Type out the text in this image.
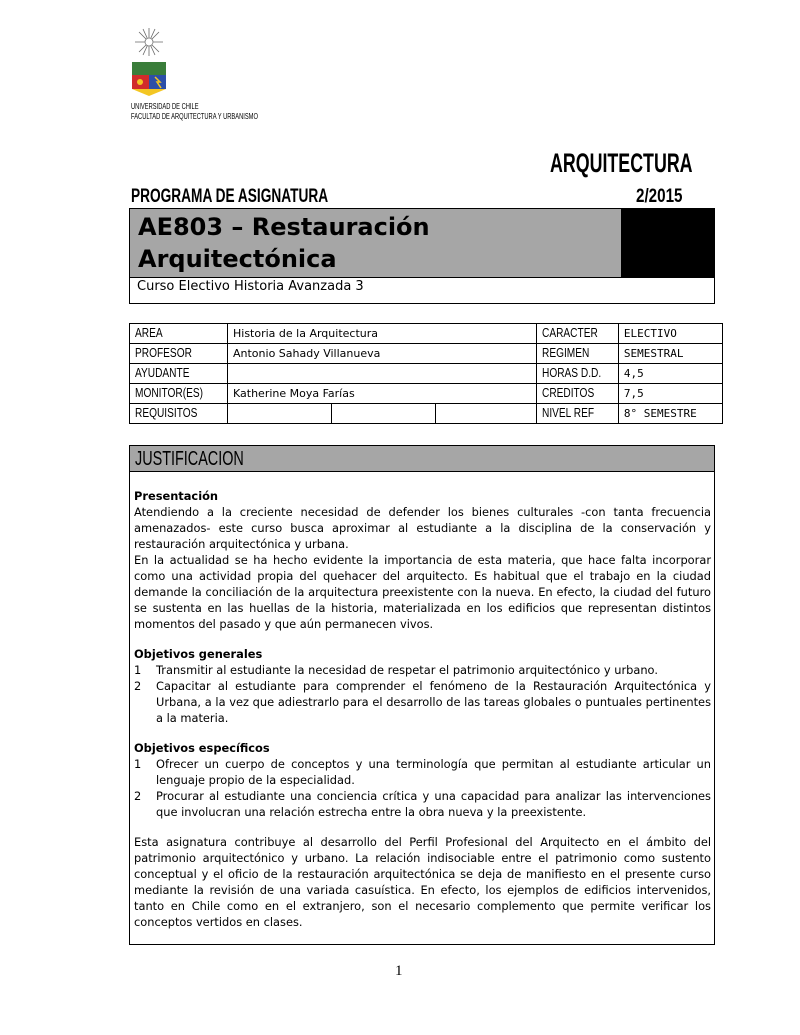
UNIVERSIDAD DE CHILE
FACULTAD DE ARQUITECTURA Y URBANISMO
ARQUITECTURA
PROGRAMA DE ASIGNATURA	2/2015
AE803 – Restauración
Arquitectónica
Curso Electivo Historia Avanzada 3
AREA	Historia de la Arquitectura			CARACTER	ELECTIVO
PROFESOR	Antonio Sahady Villanueva			REGIMEN	SEMESTRAL
AYUDANTE				HORAS D.D.	4,5
MONITOR(ES)	Katherine Moya Farías			CREDITOS	7,5
REQUISITOS				NIVEL REF	8° SEMESTRE
JUSTIFICACION

Presentación

Atendiendo a la creciente necesidad de defender los bienes culturales -con tanta frecuencia amenazados- este curso busca aproximar al estudiante a la disciplina de la conservación y restauración arquitectónica y urbana.

En la actualidad se ha hecho evidente la importancia de esta materia, que hace falta incorporar como una actividad propia del quehacer del arquitecto. Es habitual que el trabajo en la ciudad demande la conciliación de la arquitectura preexistente con la nueva. En efecto, la ciudad del futuro se sustenta en las huellas de la historia, materializada en los edificios que representan distintos momentos del pasado y que aún permanecen vivos.

Objetivos generales

1	Transmitir al estudiante la necesidad de respetar el patrimonio arquitectónico y urbano.
2	Capacitar al estudiante para comprender el fenómeno de la Restauración Arquitectónica y Urbana, a la vez que adiestrarlo para el desarrollo de las tareas globales o puntuales pertinentes a la materia.

Objetivos específicos

1	Ofrecer un cuerpo de conceptos y una terminología que permitan al estudiante articular un lenguaje propio de la especialidad.
2	Procurar al estudiante una conciencia crítica y una capacidad para analizar las intervenciones que involucran una relación estrecha entre la obra nueva y la preexistente.

Esta asignatura contribuye al desarrollo del Perfil Profesional del Arquitecto en el ámbito del patrimonio arquitectónico y urbano. La relación indisociable entre el patrimonio como sustento conceptual y el oficio de la restauración arquitectónica se deja de manifiesto en el presente curso mediante la revisión de una variada casuística. En efecto, los ejemplos de edificios intervenidos, tanto en Chile como en el extranjero, son el necesario complemento que permite verificar los conceptos vertidos en clases.

1
